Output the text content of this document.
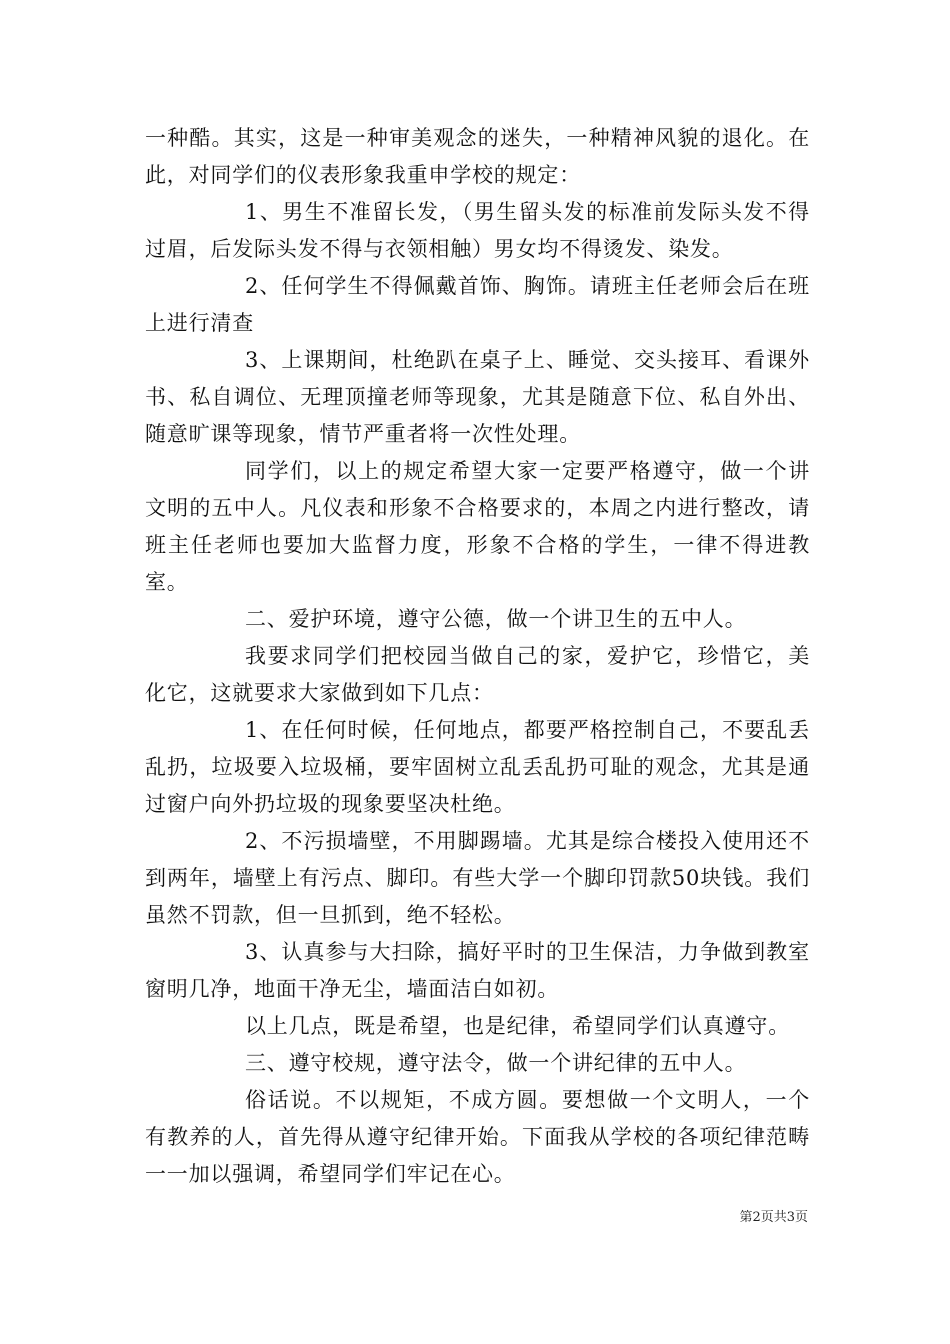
一种酷。其实，这是一种审美观念的迷失，一种精神风貌的退化。在此，对同学们的仪表形象我重申学校的规定：

1、男生不准留长发，（男生留头发的标准前发际头发不得过眉，后发际头发不得与衣领相触）男女均不得烫发、染发。

2、任何学生不得佩戴首饰、胸饰。请班主任老师会后在班上进行清查

3、上课期间，杜绝趴在桌子上、睡觉、交头接耳、看课外书、私自调位、无理顶撞老师等现象，尤其是随意下位、私自外出、随意旷课等现象，情节严重者将一次性处理。

同学们，以上的规定希望大家一定要严格遵守，做一个讲文明的五中人。凡仪表和形象不合格要求的，本周之内进行整改，请班主任老师也要加大监督力度，形象不合格的学生，一律不得进教室。

二、爱护环境，遵守公德，做一个讲卫生的五中人。

我要求同学们把校园当做自己的家，爱护它，珍惜它，美化它，这就要求大家做到如下几点：

1、在任何时候，任何地点，都要严格控制自己，不要乱丢乱扔，垃圾要入垃圾桶，要牢固树立乱丢乱扔可耻的观念，尤其是通过窗户向外扔垃圾的现象要坚决杜绝。

2、不污损墙壁，不用脚踢墙。尤其是综合楼投入使用还不到两年，墙壁上有污点、脚印。有些大学一个脚印罚款50块钱。我们虽然不罚款，但一旦抓到，绝不轻松。

3、认真参与大扫除，搞好平时的卫生保洁，力争做到教室窗明几净，地面干净无尘，墙面洁白如初。

以上几点，既是希望，也是纪律，希望同学们认真遵守。

三、遵守校规，遵守法令，做一个讲纪律的五中人。

俗话说。不以规矩，不成方圆。要想做一个文明人，一个有教养的人，首先得从遵守纪律开始。下面我从学校的各项纪律范畴一一加以强调，希望同学们牢记在心。

第2页共3页
